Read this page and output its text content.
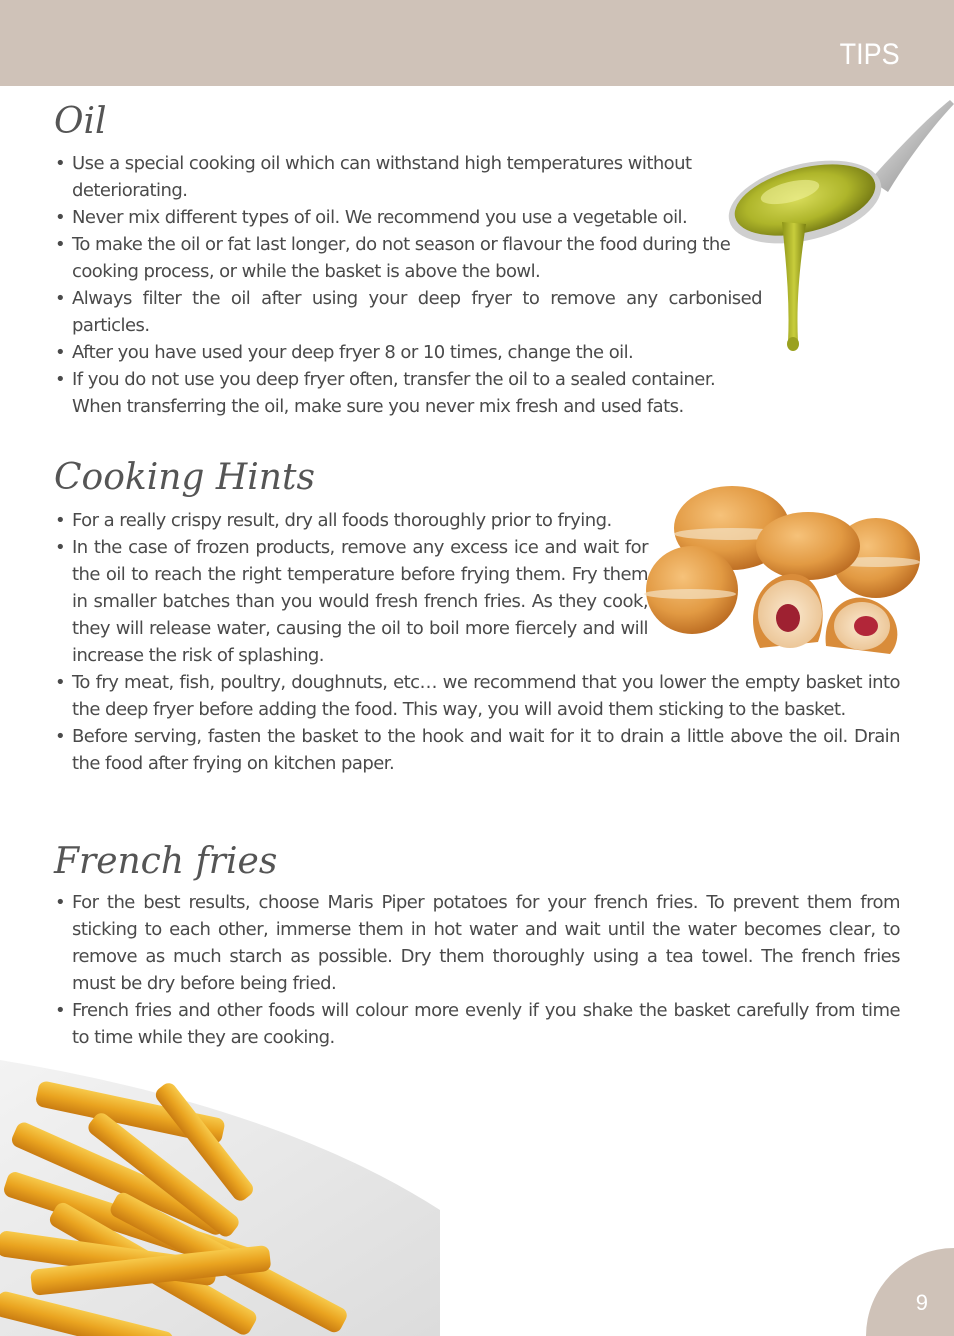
TIPS
Oil
• Use a special cooking oil which can withstand high temperatures without deteriorating.
• Never mix different types of oil. We recommend you use a vegetable oil.
• To make the oil or fat last longer, do not season or flavour the food during the cooking process, or while the basket is above the bowl.
• Always filter the oil after using your deep fryer to remove any carbonised particles.
• After you have used your deep fryer 8 or 10 times, change the oil.
• If you do not use you deep fryer often, transfer the oil to a sealed container. When transferring the oil, make sure you never mix fresh and used fats.
Cooking Hints
• For a really crispy result, dry all foods thoroughly prior to frying.
• In the case of frozen products, remove any excess ice and wait for the oil to reach the right temperature before frying them. Fry them in smaller batches than you would fresh french fries. As they cook, they will release water, causing the oil to boil more fiercely and will increase the risk of splashing.
• To fry meat, fish, poultry, doughnuts, etc… we recommend that you lower the empty basket into the deep fryer before adding the food. This way, you will avoid them sticking to the basket.
• Before serving, fasten the basket to the hook and wait for it to drain a little above the oil. Drain the food after frying on kitchen paper.
French fries
• For the best results, choose Maris Piper potatoes for your french fries. To prevent them from sticking to each other, immerse them in hot water and wait until the water becomes clear, to remove as much starch as possible. Dry them thoroughly using a tea towel. The french fries must be dry before being fried.
• French fries and other foods will colour more evenly if you shake the basket carefully from time to time while they are cooking.
9
